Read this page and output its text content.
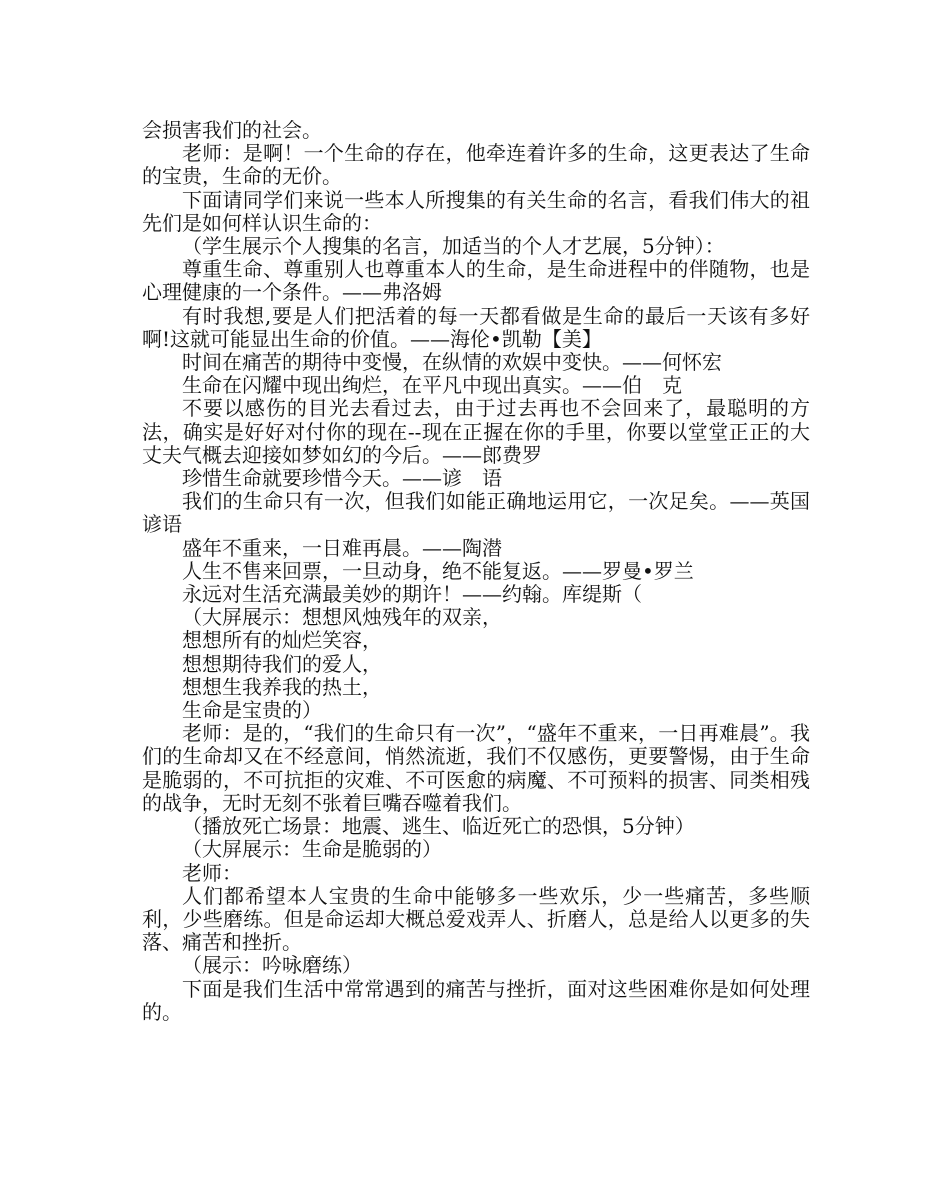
会损害我们的社会。

老师：是啊！一个生命的存在，他牵连着许多的生命，这更表达了生命的宝贵，生命的无价。

下面请同学们来说一些本人所搜集的有关生命的名言，看我们伟大的祖先们是如何样认识生命的：

（学生展示个人搜集的名言，加适当的个人才艺展，5分钟）：

尊重生命、尊重别人也尊重本人的生命，是生命进程中的伴随物，也是心理健康的一个条件。——弗洛姆

有时我想,要是人们把活着的每一天都看做是生命的最后一天该有多好啊!这就可能显出生命的价值。——海伦•凯勒【美】

时间在痛苦的期待中变慢，在纵情的欢娱中变快。——何怀宏

生命在闪耀中现出绚烂，在平凡中现出真实。——伯　克

不要以感伤的目光去看过去，由于过去再也不会回来了，最聪明的方法，确实是好好对付你的现在--现在正握在你的手里，你要以堂堂正正的大丈夫气概去迎接如梦如幻的今后。——郎费罗

珍惜生命就要珍惜今天。——谚　语

我们的生命只有一次，但我们如能正确地运用它，一次足矣。——英国谚语

盛年不重来，一日难再晨。——陶潜

人生不售来回票，一旦动身，绝不能复返。——罗曼•罗兰

永远对生活充满最美妙的期许！——约翰。库缇斯（

（大屏展示：想想风烛残年的双亲，

想想所有的灿烂笑容，

想想期待我们的爱人，

想想生我养我的热土，

生命是宝贵的）

老师：是的，“我们的生命只有一次”，“盛年不重来，一日再难晨”。我们的生命却又在不经意间，悄然流逝，我们不仅感伤，更要警惕，由于生命是脆弱的，不可抗拒的灾难、不可医愈的病魔、不可预料的损害、同类相残的战争，无时无刻不张着巨嘴吞噬着我们。

（播放死亡场景：地震、逃生、临近死亡的恐惧，5分钟）

（大屏展示：生命是脆弱的）

老师：

人们都希望本人宝贵的生命中能够多一些欢乐，少一些痛苦，多些顺利，少些磨练。但是命运却大概总爱戏弄人、折磨人，总是给人以更多的失落、痛苦和挫折。

（展示：吟咏磨练）

下面是我们生活中常常遇到的痛苦与挫折，面对这些困难你是如何处理的。
